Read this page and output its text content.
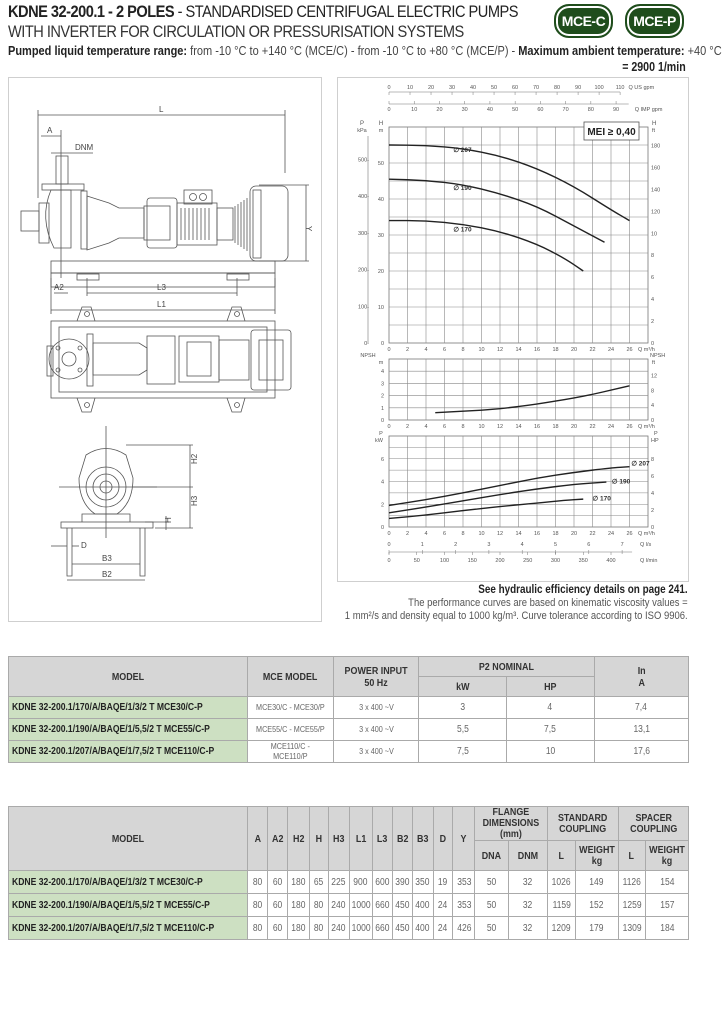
KDNE 32-200.1 - 2 POLES - STANDARDISED CENTRIFUGAL ELECTRIC PUMPS
WITH INVERTER FOR CIRCULATION OR PRESSURISATION SYSTEMS
MCE-C	MCE-P
Pumped liquid temperature range: from -10 °C to +140 °C (MCE/C) - from -10 °C to +80 °C (MCE/P) - Maximum ambient temperature: +40 °C
= 2900 1/min
L
A
DNM
Y
A2	L3
L1
H2
H3
H
D
B3
B2
0	10	20	30	40	50	60	70	80	90 100 110 Q US gpm
0	10	20	30	40	50	60	70	80	90	Q IMP gpm
P
kPa
H
m
0
10
20
30
40
50
0-
100-
200-
300-
400-
500-
H
ft
0
2
4
6
8
10
120
140
160
180
MEI ≥ 0,40
∅ 207
∅ 190
∅ 170
0	2	4	6	8	10 12 14 16 18 20 22 24 26 Q m³/h
NPSH
m
0
1
2
3
4
NPSH
ft
0
4
8
12
0	2	4	6	8	10 12 14 16 18 20 22 24 26 Q m³/h
P
kW
0
2
4
6
P
HP
0
2
4
6
8
∅ 207
∅ 190
∅ 170
0	2	4	6	8	10 12 14 16 18 20 22 24 26 Q m³/h
0	1	2	3	4	5	6	7	Q l/s
0	50	100	150	200	250	300	350	400	Q l/min
See hydraulic efficiency details on page 241.
The performance curves are based on kinematic viscosity values =
1 mm²/s and density equal to 1000 kg/m³. Curve tolerance according to ISO 9906.
MODEL	MCE MODEL	POWER INPUT
50 Hz	P2 NOMINAL		In
A
			kW	HP	
KDNE 32-200.1/170/A/BAQE/1/3/2 T MCE30/C-P	MCE30/C - MCE30/P	3 x 400 ~V	3	4	7,4
KDNE 32-200.1/190/A/BAQE/1/5,5/2 T MCE55/C-P	MCE55/C - MCE55/P	3 x 400 ~V	5,5	7,5	13,1
KDNE 32-200.1/207/A/BAQE/1/7,5/2 T MCE110/C-P	MCE110/C - MCE110/P	3 x 400 ~V	7,5	10	17,6
MODEL	A	A2	H2	H	H3	L1	L3	B2	B3	D	Y	FLANGE DIMENSIONS (mm)		STANDARD COUPLING		SPACER COUPLING	
												DNA	DNM	L	WEIGHT
kg	L	WEIGHT
kg
KDNE 32-200.1/170/A/BAQE/1/3/2 T MCE30/C-P	80	60	180	65	225	900	600	390	350	19	353	50	32	1026	149	1126	154
KDNE 32-200.1/190/A/BAQE/1/5,5/2 T MCE55/C-P	80	60	180	80	240	1000	660	450	400	24	353	50	32	1159	152	1259	157
KDNE 32-200.1/207/A/BAQE/1/7,5/2 T MCE110/C-P	80	60	180	80	240	1000	660	450	400	24	426	50	32	1209	179	1309	184
